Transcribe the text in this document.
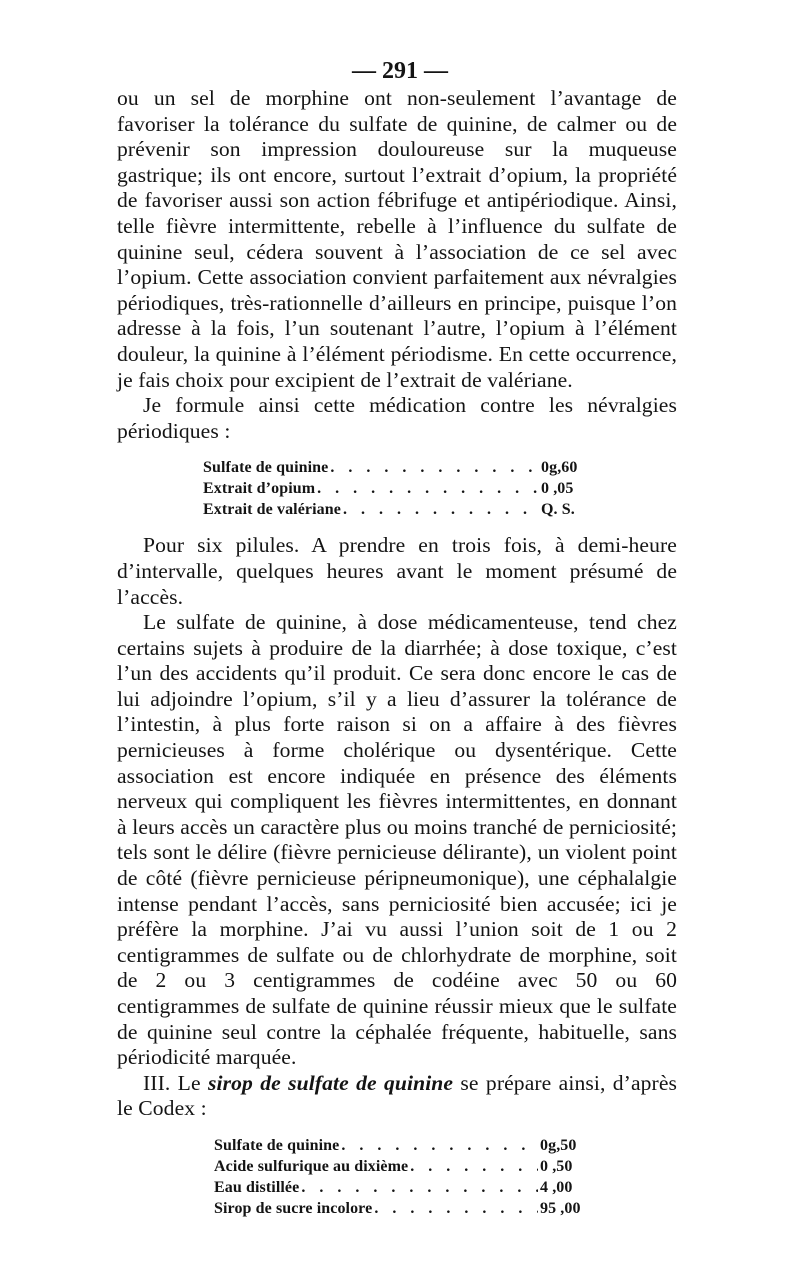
— 291 —

ou un sel de morphine ont non-seulement l’avantage de favoriser la tolérance du sulfate de quinine, de calmer ou de prévenir son impression douloureuse sur la muqueuse gastrique; ils ont encore, surtout l’extrait d’opium, la propriété de favoriser aussi son action fébrifuge et antipériodique. Ainsi, telle fièvre intermittente, rebelle à l’influence du sulfate de quinine seul, cédera souvent à l’association de ce sel avec l’opium. Cette association convient parfaitement aux névralgies périodiques, très-rationnelle d’ailleurs en principe, puisque l’on adresse à la fois, l’un soutenant l’autre, l’opium à l’élément douleur, la quinine à l’élément périodisme. En cette occurrence, je fais choix pour excipient de l’extrait de valériane.

Je formule ainsi cette médication contre les névralgies périodiques :

Sulfate de quinine . . .	0g,60
Extrait d’opium . . .	0 ,05
Extrait de valériane . . .	Q. S.

Pour six pilules. A prendre en trois fois, à demi-heure d’intervalle, quelques heures avant le moment présumé de l’accès.

Le sulfate de quinine, à dose médicamenteuse, tend chez certains sujets à produire de la diarrhée; à dose toxique, c’est l’un des accidents qu’il produit. Ce sera donc encore le cas de lui adjoindre l’opium, s’il y a lieu d’assurer la tolérance de l’intestin, à plus forte raison si on a affaire à des fièvres pernicieuses à forme cholérique ou dysentérique. Cette association est encore indiquée en présence des éléments nerveux qui compliquent les fièvres intermittentes, en donnant à leurs accès un caractère plus ou moins tranché de perniciosité; tels sont le délire (fièvre pernicieuse délirante), un violent point de côté (fièvre pernicieuse péripneumonique), une céphalalgie intense pendant l’accès, sans perniciosité bien accusée; ici je préfère la morphine. J’ai vu aussi l’union soit de 1 ou 2 centigrammes de sulfate ou de chlorhydrate de morphine, soit de 2 ou 3 centigrammes de codéine avec 50 ou 60 centigrammes de sulfate de quinine réussir mieux que le sulfate de quinine seul contre la céphalée fréquente, habituelle, sans périodicité marquée.

III. Le sirop de sulfate de quinine se prépare ainsi, d’après le Codex :

Sulfate de quinine . . .	0g,50
Acide sulfurique au dixième . . .	0 ,50
Eau distillée . . .	4 ,00
Sirop de sucre incolore . . .	95 ,00
